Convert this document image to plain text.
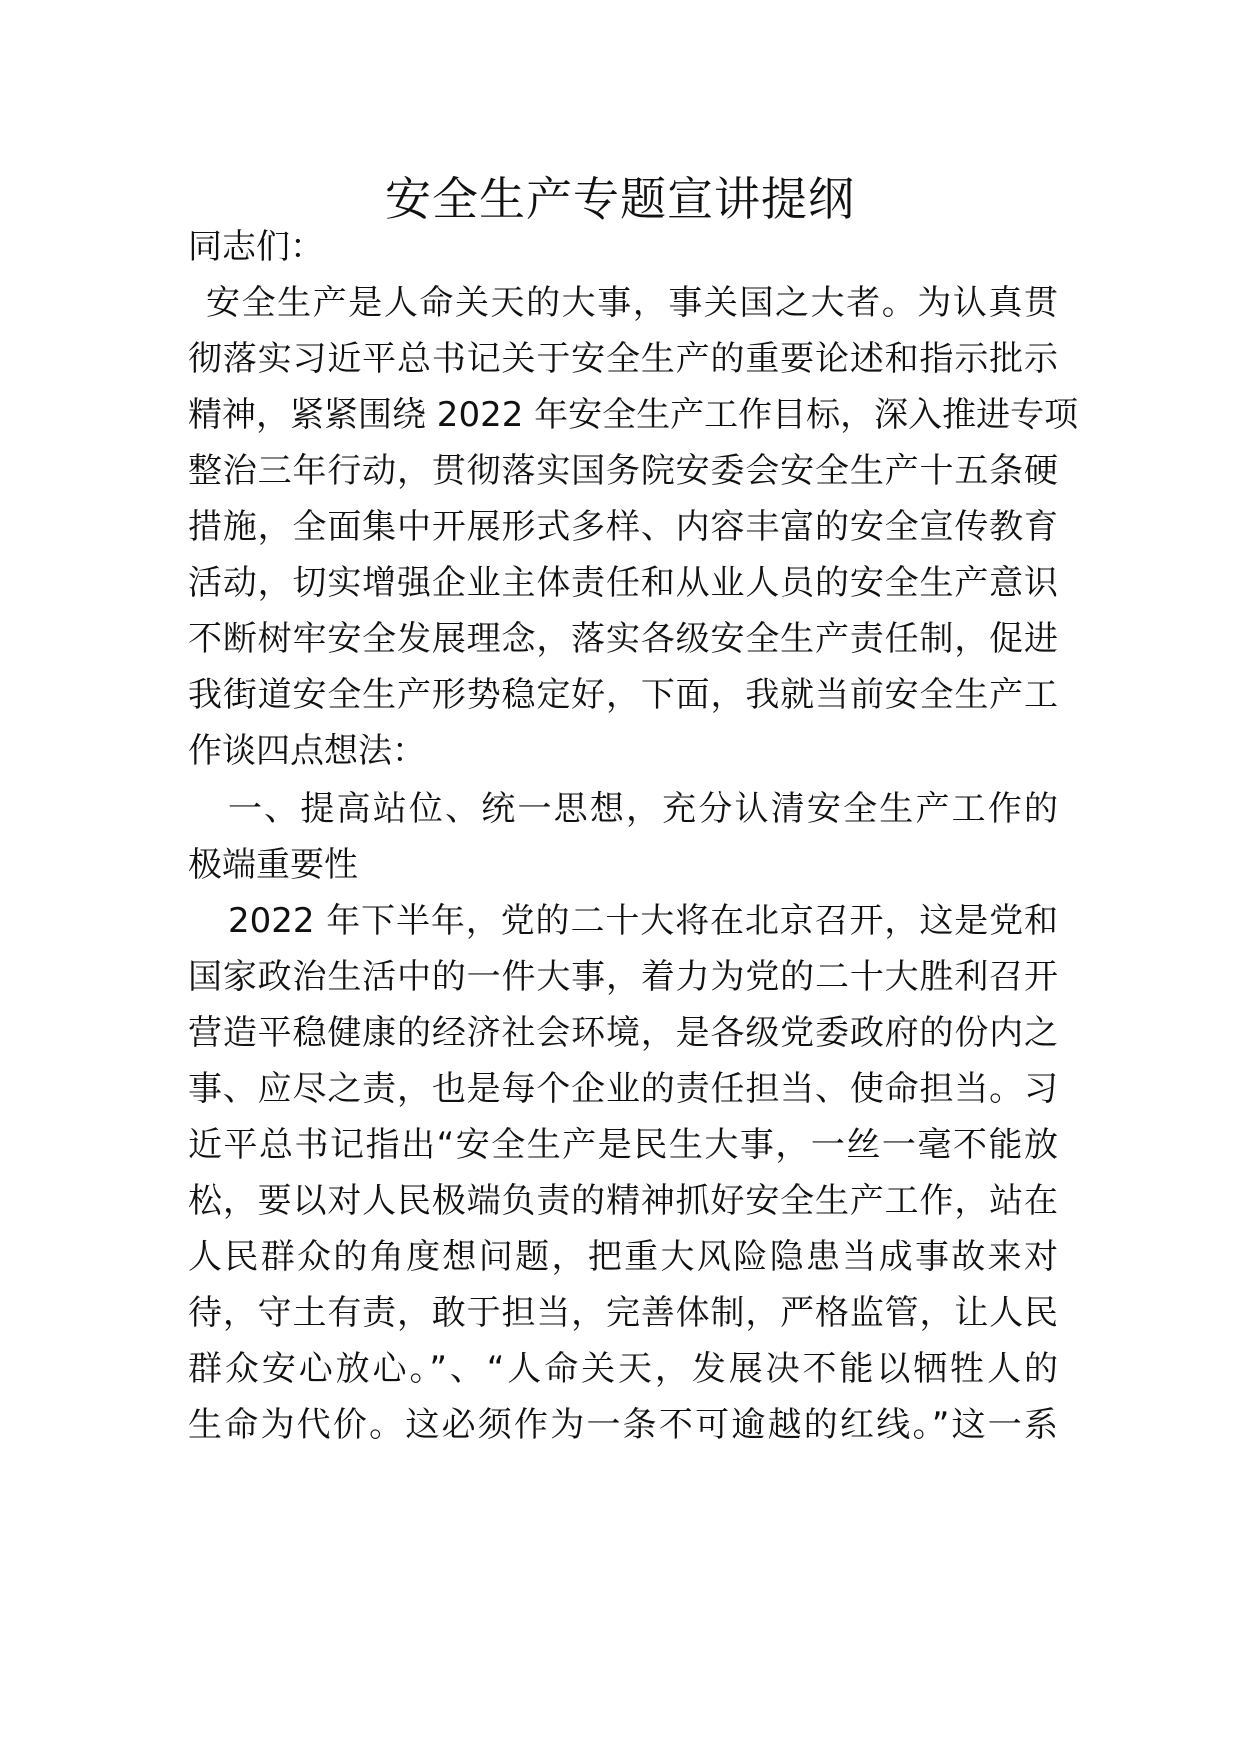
安全生产专题宣讲提纲
同志们：
安全生产是人命关天的大事，事关国之大者。为认真贯
彻落实习近平总书记关于安全生产的重要论述和指示批示
精神，紧紧围绕 2022 年安全生产工作目标，深入推进专项
整治三年行动，贯彻落实国务院安委会安全生产十五条硬
措施，全面集中开展形式多样、内容丰富的安全宣传教育
活动，切实增强企业主体责任和从业人员的安全生产意识
不断树牢安全发展理念，落实各级安全生产责任制，促进
我街道安全生产形势稳定好，下面，我就当前安全生产工
作谈四点想法：
一、提高站位、统一思想，充分认清安全生产工作的
极端重要性
2022 年下半年，党的二十大将在北京召开，这是党和
国家政治生活中的一件大事，着力为党的二十大胜利召开
营造平稳健康的经济社会环境，是各级党委政府的份内之
事、应尽之责，也是每个企业的责任担当、使命担当。习
近平总书记指出“安全生产是民生大事，一丝一毫不能放
松，要以对人民极端负责的精神抓好安全生产工作，站在
人民群众的角度想问题，把重大风险隐患当成事故来对
待，守土有责，敢于担当，完善体制，严格监管，让人民
群众安心放心。”、“人命关天，发展决不能以牺牲人的
生命为代价。这必须作为一条不可逾越的红线。”这一系
